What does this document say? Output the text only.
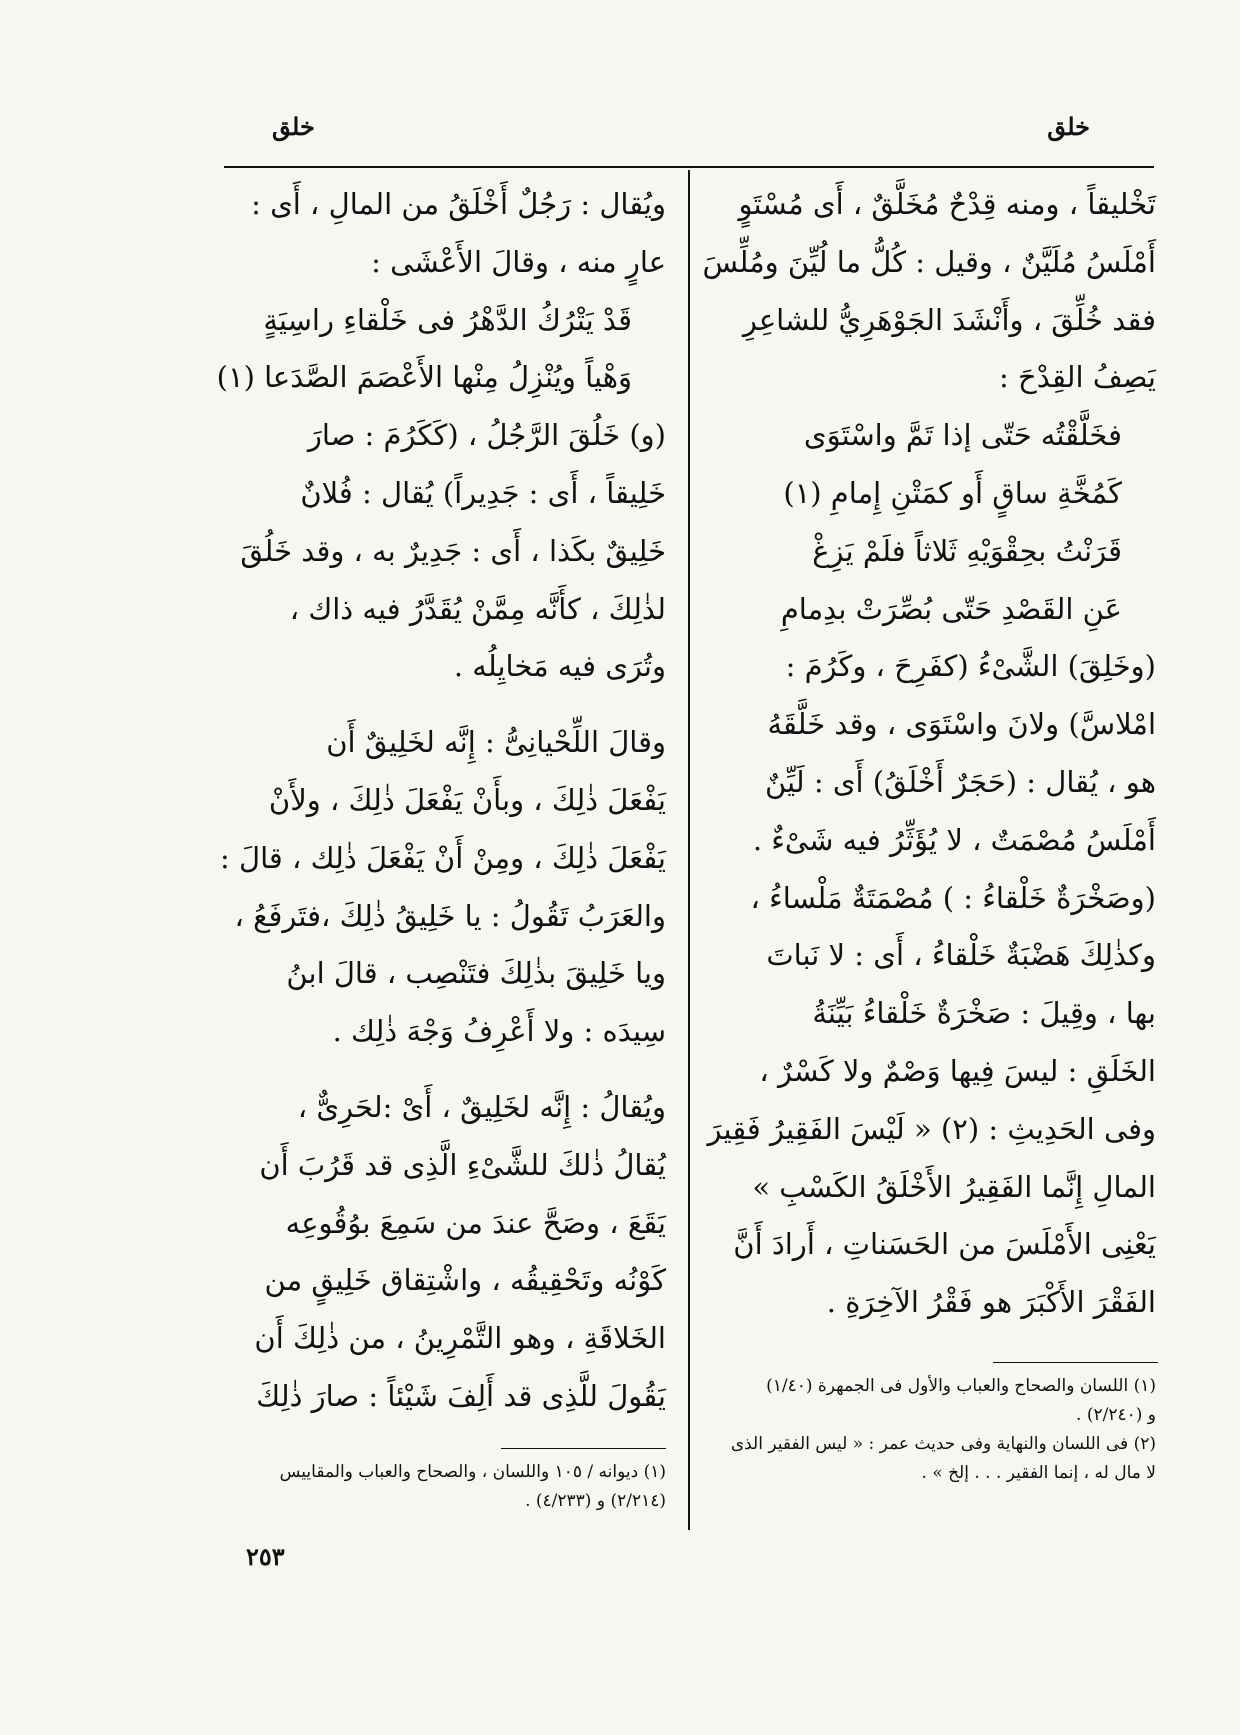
خلق
خلق

تَخْليقاً ، ومنه قِدْحٌ مُخَلَّقٌ ، أَى مُسْتَوٍ
أَمْلَسُ مُلَيَّنٌ ، وقيل : كُلُّ ما لُيِّنَ ومُلِّسَ
فقد خُلِّقَ ، وأَنْشَدَ الجَوْهَرِيُّ للشاعِرِ
يَصِفُ القِدْحَ :

فخَلَّقْتُه حَتّى إذا تَمَّ واسْتَوَى
كَمُخَّةِ ساقٍ أَو كمَتْنِ إِمامِ (١)
قَرَنْتُ بحِقْوَيْهِ ثَلاثاً فلَمْ يَزِغْ
عَنِ القَصْدِ حَتّى بُصِّرَتْ بدِمامِ

(وخَلِقَ) الشَّىْءُ (كفَرِحَ ، وكَرُمَ :
امْلاسَّ) ولانَ واسْتَوَى ، وقد خَلَّقَهُ
هو ، يُقال : (حَجَرٌ أَخْلَقُ) أَى : لَيِّنٌ
أَمْلَسُ مُصْمَتٌ ، لا يُؤَثِّرُ فيه شَىْءٌ .
(وصَخْرَةٌ خَلْقاءُ : ) مُصْمَتَةٌ مَلْساءُ ،
وكذٰلِكَ هَضْبَةٌ خَلْقاءُ ، أَى : لا نَباتَ
بها ، وقِيلَ : صَخْرَةٌ خَلْقاءُ بَيِّنَةُ
الخَلَقِ : ليسَ فِيها وَصْمٌ ولا كَسْرٌ ،
وفى الحَدِيثِ : (٢) « لَيْسَ الفَقِيرُ فَقِيرَ
المالِ إِنَّما الفَقِيرُ الأَخْلَقُ الكَسْبِ »
يَعْنِى الأَمْلَسَ من الحَسَناتِ ، أَرادَ أَنَّ
الفَقْرَ الأَكْبَرَ هو فَقْرُ الآخِرَةِ .

ويُقال : رَجُلٌ أَخْلَقُ من المالِ ، أَى :
عارٍ منه ، وقالَ الأَعْشَى :

قَدْ يَتْرُكُ الدَّهْرُ فى خَلْقاءِ راسِيَةٍ
وَهْياً ويُنْزِلُ مِنْها الأَعْصَمَ الصَّدَعا (١)

(و) خَلُقَ الرَّجُلُ ، (كَكَرُمَ : صارَ
خَلِيقاً ، أَى : جَدِيراً) يُقال : فُلانٌ
خَلِيقٌ بكَذا ، أَى : جَدِيرٌ به ، وقد خَلُقَ
لذٰلِكَ ، كأَنَّه مِمَّنْ يُقَدَّرُ فيه ذاك ،
وتُرَى فيه مَخايِلُه .

وقالَ اللِّحْيانِىُّ : إِنَّه لخَلِيقٌ أَن
يَفْعَلَ ذٰلِكَ ، وبأَنْ يَفْعَلَ ذٰلِكَ ، ولأَنْ
يَفْعَلَ ذٰلِكَ ، ومِنْ أَنْ يَفْعَلَ ذٰلِك ، قالَ :
والعَرَبُ تَقُولُ : يا خَلِيقُ ذٰلِكَ ،فتَرفَعُ ،
ويا خَلِيقَ بذٰلِكَ فتَنْصِب ، قالَ ابنُ
سِيدَه : ولا أَعْرِفُ وَجْهَ ذٰلِك .

ويُقالُ : إِنَّه لخَلِيقٌ ، أَىْ :لحَرِىٌّ ،
يُقالُ ذٰلكَ للشَّىْءِ الَّذِى قد قَرُبَ أَن
يَقَعَ ، وصَحَّ عندَ من سَمِعَ بوُقُوعِه
كَوْنُه وتَحْقِيقُه ، واشْتِقاق خَلِيقٍ من
الخَلاقَةِ ، وهو التَّمْرِينُ ، من ذٰلِكَ أَن
يَقُولَ للَّذِى قد أَلِفَ شَيْئاً : صارَ ذٰلِكَ	(١) اللسان والصحاح والعباب والأول فى الجمهرة (١/٤٠)
و (٢/٢٤٠) .
(٢) فى اللسان والنهاية وفى حديث عمر : « ليس الفقير الذى
لا مال له ، إنما الفقير . . . إلخ » .
(١) ديوانه / ١٠٥ واللسان ، والصحاح والعباب والمقاييس
(٢/٢١٤) و (٤/٢٣٣) .
٢٥٣
